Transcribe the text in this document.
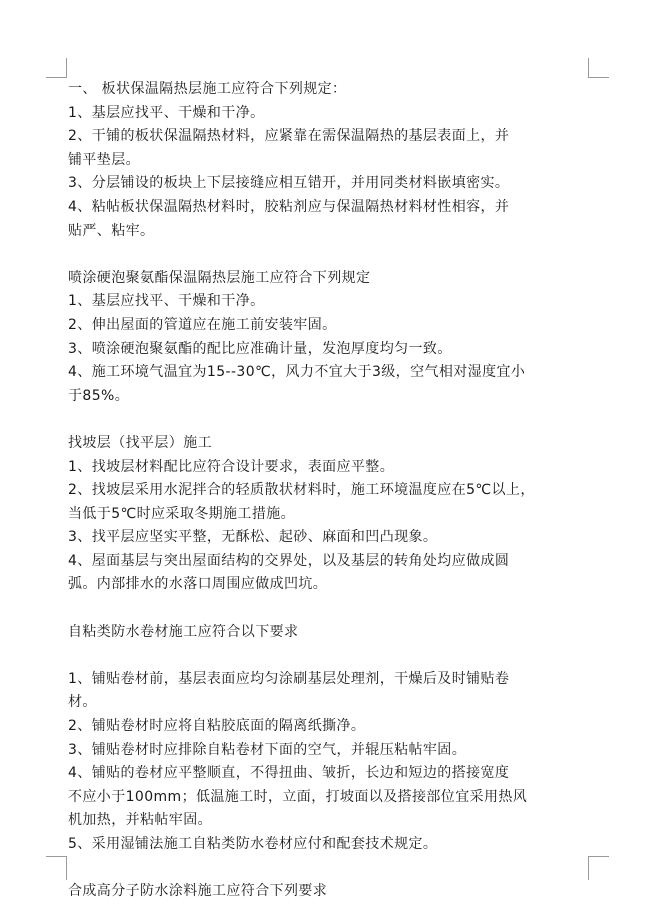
一、 板状保温隔热层施工应符合下列规定：
1、基层应找平、干燥和干净。
2、干铺的板状保温隔热材料，应紧靠在需保温隔热的基层表面上，并
铺平垫层。
3、分层铺设的板块上下层接缝应相互错开，并用同类材料嵌填密实。
4、粘帖板状保温隔热材料时，胶粘剂应与保温隔热材料材性相容，并
贴严、粘牢。
喷涂硬泡聚氨酯保温隔热层施工应符合下列规定
1、基层应找平、干燥和干净。
2、伸出屋面的管道应在施工前安装牢固。
3、喷涂硬泡聚氨酯的配比应准确计量，发泡厚度均匀一致。
4、施工环境气温宜为15--30℃，风力不宜大于3级，空气相对湿度宜小
于85%。
找坡层（找平层）施工
1、找坡层材料配比应符合设计要求，表面应平整。
2、找坡层采用水泥拌合的轻质散状材料时，施工环境温度应在5℃以上，
当低于5℃时应采取冬期施工措施。
3、找平层应坚实平整，无酥松、起砂、麻面和凹凸现象。
4、屋面基层与突出屋面结构的交界处，以及基层的转角处均应做成圆
弧。内部排水的水落口周围应做成凹坑。
自粘类防水卷材施工应符合以下要求
1、铺贴卷材前，基层表面应均匀涂刷基层处理剂，干燥后及时铺贴卷
材。
2、铺贴卷材时应将自粘胶底面的隔离纸撕净。
3、铺贴卷材时应排除自粘卷材下面的空气，并辊压粘帖牢固。
4、铺贴的卷材应平整顺直，不得扭曲、皱折，长边和短边的搭接宽度
不应小于100mm；低温施工时，立面，打坡面以及搭接部位宜采用热风
机加热，并粘帖牢固。
5、采用湿铺法施工自粘类防水卷材应付和配套技术规定。
合成高分子防水涂料施工应符合下列要求
